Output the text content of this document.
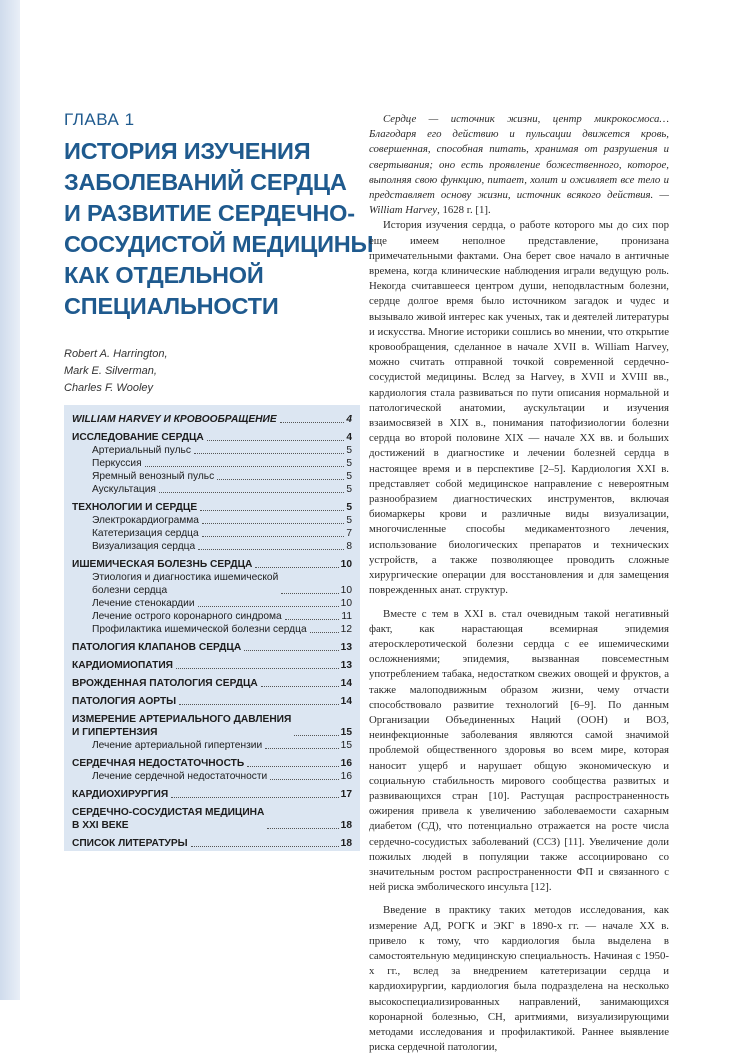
ГЛАВА 1
ИСТОРИЯ ИЗУЧЕНИЯ
ЗАБОЛЕВАНИЙ СЕРДЦА
И РАЗВИТИЕ СЕРДЕЧНО-
СОСУДИСТОЙ МЕДИЦИНЫ
КАК ОТДЕЛЬНОЙ
СПЕЦИАЛЬНОСТИ
Robert A. Harrington,
Mark E. Silverman,
Charles F. Wooley
WILLIAM HARVEY И КРОВООБРАЩЕНИЕ	4
ИССЛЕДОВАНИЕ СЕРДЦА	4
Артериальный пульс	5
Перкуссия	5
Яремный венозный пульс	5
Аускультация	5
ТЕХНОЛОГИИ И СЕРДЦЕ	5
Электрокардиограмма	5
Катетеризация сердца	7
Визуализация сердца	8
ИШЕМИЧЕСКАЯ БОЛЕЗНЬ СЕРДЦА	10
Этиология и диагностика ишемической
болезни сердца	10
Лечение стенокардии	10
Лечение острого коронарного синдрома	11
Профилактика ишемической болезни сердца	12
ПАТОЛОГИЯ КЛАПАНОВ СЕРДЦА	13
КАРДИОМИОПАТИЯ	13
ВРОЖДЕННАЯ ПАТОЛОГИЯ СЕРДЦА	14
ПАТОЛОГИЯ АОРТЫ	14
ИЗМЕРЕНИЕ АРТЕРИАЛЬНОГО ДАВЛЕНИЯ
И ГИПЕРТЕНЗИЯ	15
Лечение артериальной гипертензии	15
СЕРДЕЧНАЯ НЕДОСТАТОЧНОСТЬ	16
Лечение сердечной недостаточности	16
КАРДИОХИРУРГИЯ	17
СЕРДЕЧНО-СОСУДИСТАЯ МЕДИЦИНА
В XXI ВЕКЕ	18
СПИСОК ЛИТЕРАТУРЫ	18

Сердце — источник жизни, центр микрокосмоса… Благодаря его действию и пульсации движется кровь, совершенная, способная питать, хранимая от разрушения и свертывания; оно есть проявление божественного, которое, выполняя свою функцию, питает, холит и оживляет все тело и представляет основу жизни, источник всякого действия. — William Harvey, 1628 г. [1].

История изучения сердца, о работе которого мы до сих пор еще имеем неполное представление, пронизана примечательными фактами. Она берет свое начало в античные времена, когда клинические наблюдения играли ведущую роль. Некогда считавшееся центром души, неподвластным болезни, сердце долгое время было источником загадок и чудес и вызывало живой интерес как ученых, так и деятелей литературы и искусства. Многие историки сошлись во мнении, что открытие кровообращения, сделанное в начале XVII в. William Harvey, можно считать отправной точкой современной сердечно-сосудистой медицины. Вслед за Harvey, в XVII и XVIII вв., кардиология стала развиваться по пути описания нормальной и патологической анатомии, аускультации и изучения взаимосвязей в XIX в., понимания патофизиологии болезни сердца во второй половине XIX — начале XX вв. и больших достижений в диагностике и лечении болезней сердца в настоящее время и в перспективе [2–5]. Кардиология XXI в. представляет собой медицинское направление с невероятным разнообразием диагностических инструментов, включая биомаркеры крови и различные виды визуализации, многочисленные способы медикаментозного лечения, использование биологических препаратов и технических устройств, а также позволяющее проводить сложные хирургические операции для восстановления и для замещения поврежденных анат. структур.

Вместе с тем в XXI в. стал очевидным такой негативный факт, как нарастающая всемирная эпидемия атеросклеротической болезни сердца с ее ишемическими осложнениями; эпидемия, вызванная повсеместным употреблением табака, недостатком свежих овощей и фруктов, а также малоподвижным образом жизни, чему отчасти способствовало развитие технологий [6–9]. По данным Организации Объединенных Наций (ООН) и ВОЗ, неинфекционные заболевания являются самой значимой проблемой общественного здоровья во всем мире, которая наносит ущерб и нарушает общую экономическую и социальную стабильность мирового сообщества развитых и развивающихся стран [10]. Растущая распространенность ожирения привела к увеличению заболеваемости сахарным диабетом (СД), что потенциально отражается на росте числа сердечно-сосудистых заболеваний (ССЗ) [11]. Увеличение доли пожилых людей в популяции также ассоциировано со значительным ростом распространенности ФП и связанного с ней риска эмболического инсульта [12].

Введение в практику таких методов исследования, как измерение АД, РОГК и ЭКГ в 1890-х гг. — начале XX в. привело к тому, что кардиология была выделена в самостоятельную медицинскую специальность. Начиная с 1950-х гг., вслед за внедрением катетеризации сердца и кардиохирургии, кардиология была подразделена на несколько высокоспециализированных направлений, занимающихся коронарной болезнью, СН, аритмиями, визуализирующими методами исследования и профилактикой. Раннее выявление риска сердечной патологии,
